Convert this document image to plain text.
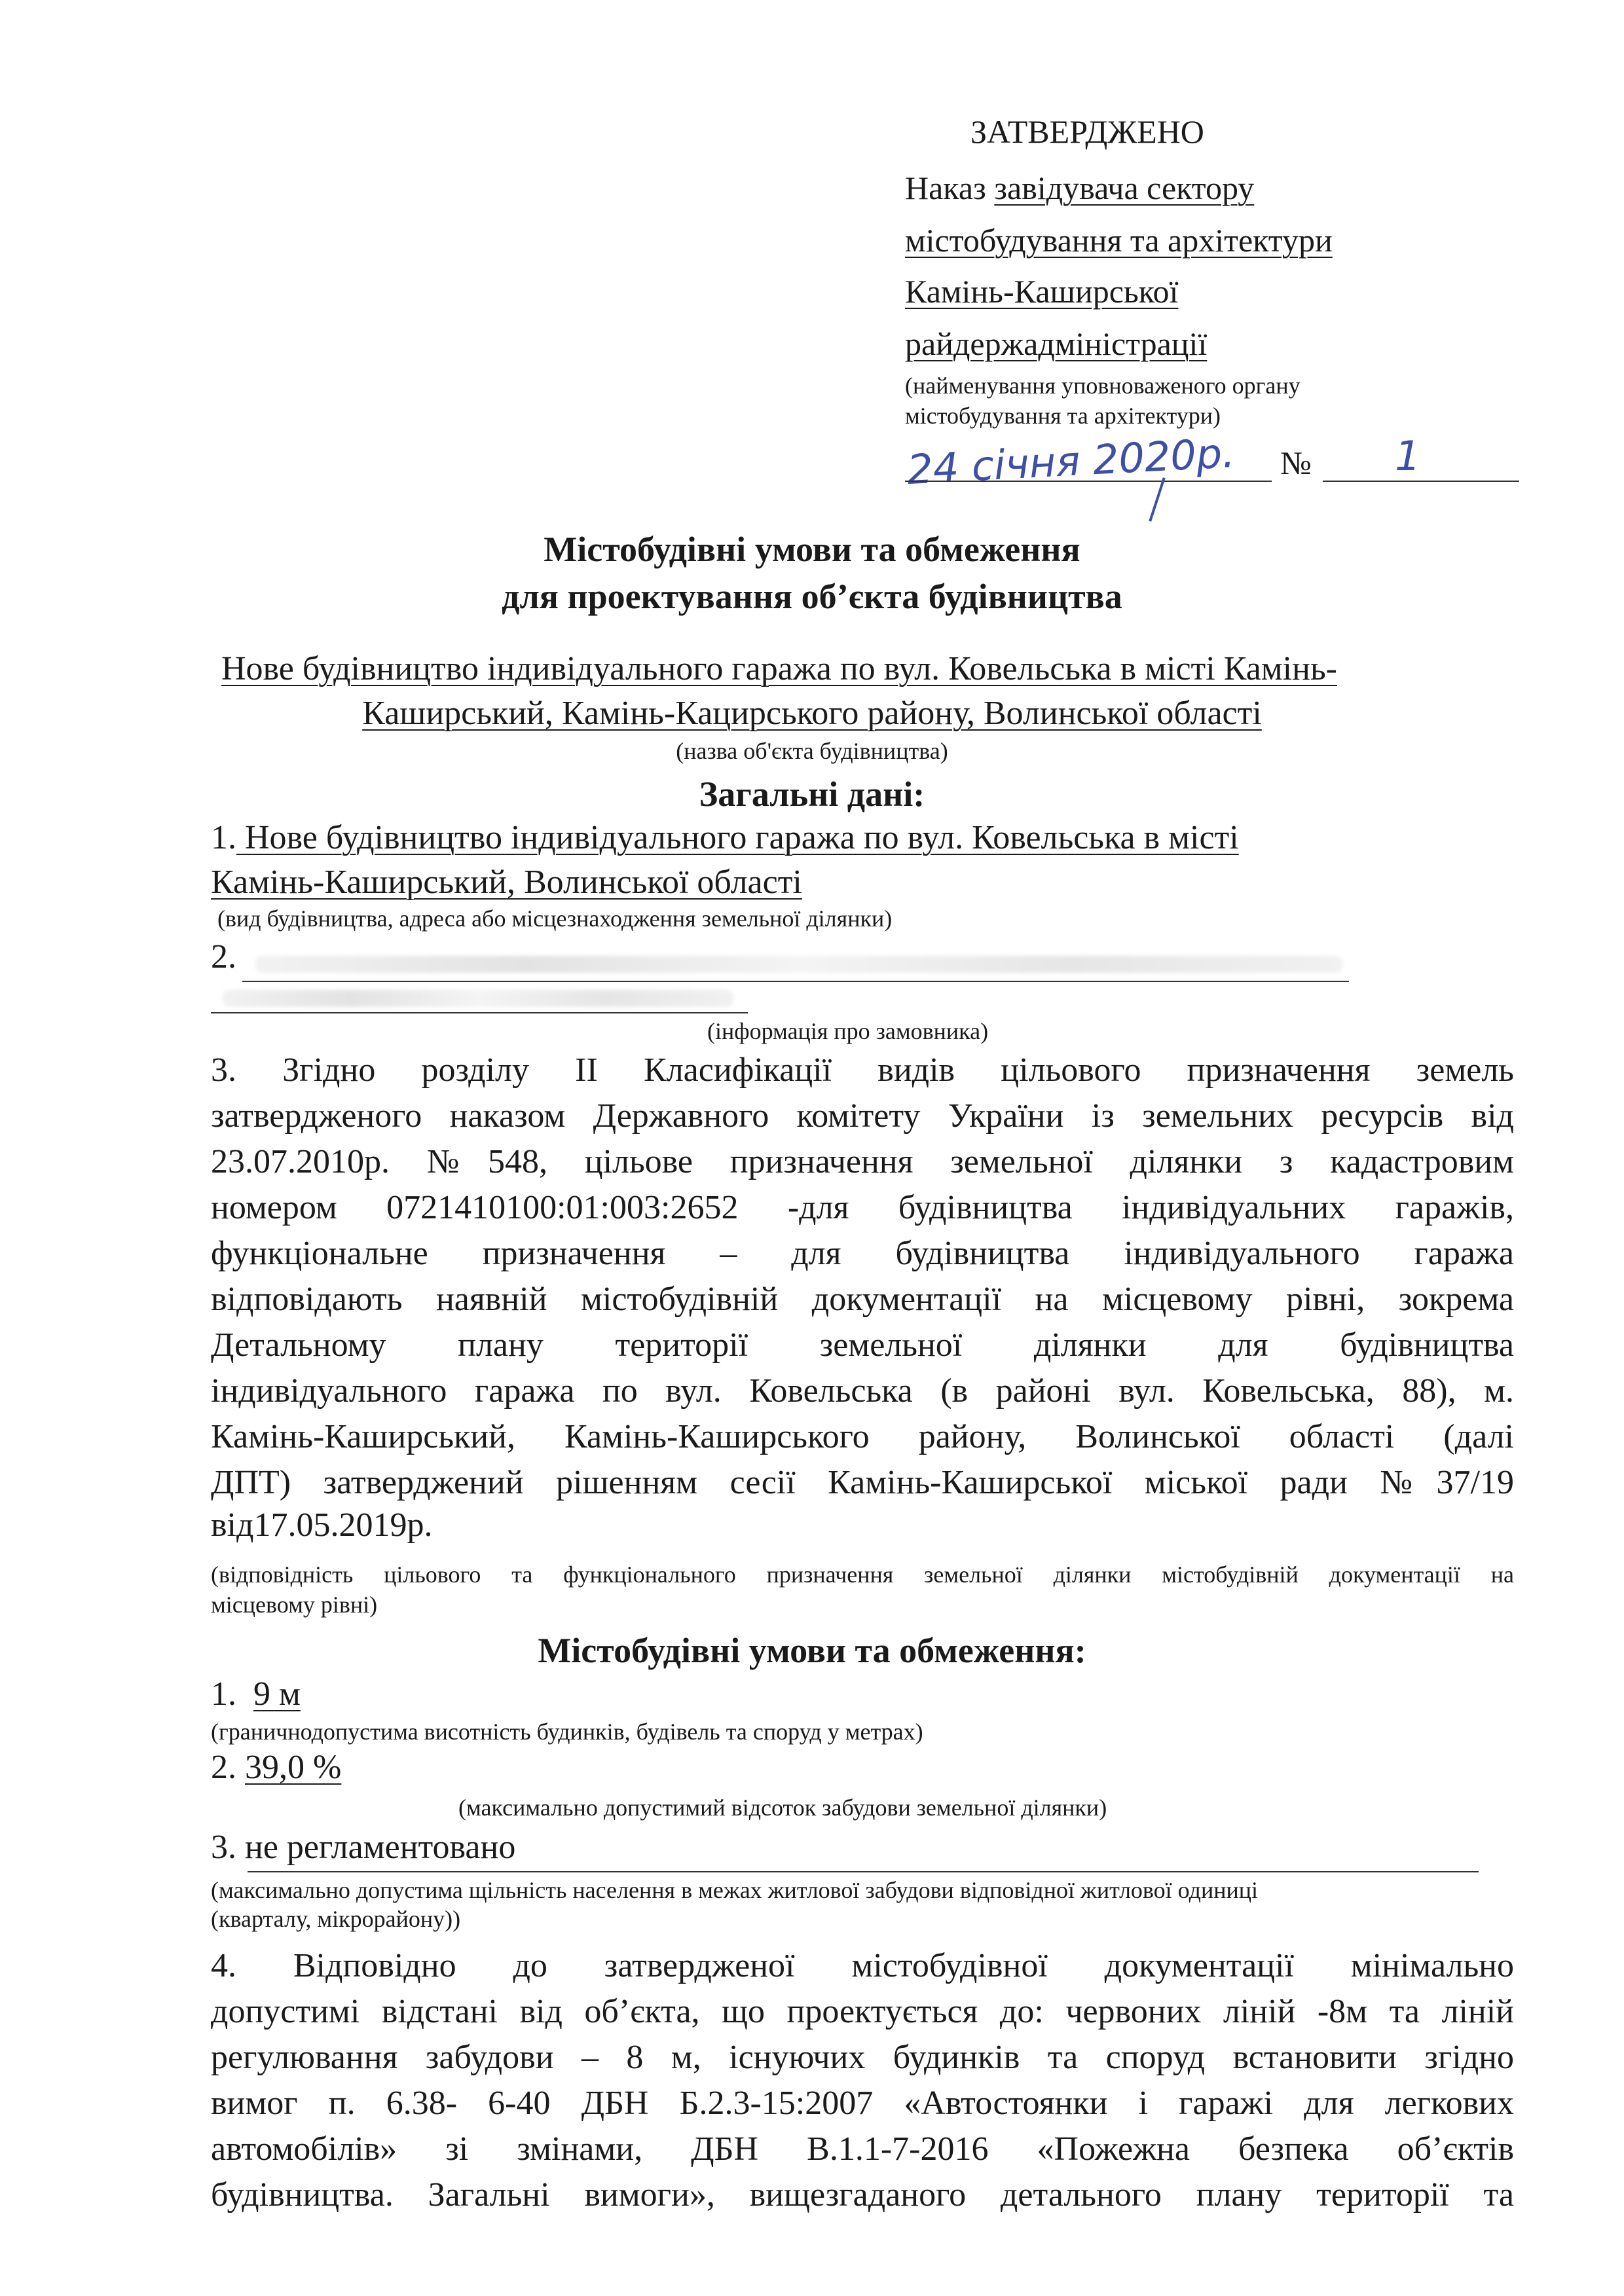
ЗАТВЕРДЖЕНО
Наказ завідувача сектору
містобудування та архітектури
Камінь-Каширської
райдержадміністрації
(найменування уповноваженого органу
містобудування та архітектури)
24 січня 2020р. № 1
Містобудівні умови та обмеження
для проектування об’єкта будівництва
Нове будівництво індивідуального гаража по вул. Ковельська в місті Камінь-
Каширський, Камінь-Кацирського району, Волинської області
(назва об'єкта будівництва)
Загальні дані:
1. Нове будівництво індивідуального гаража по вул. Ковельська в місті
Камінь-Каширський, Волинської області
(вид будівництва, адреса або місцезнаходження земельної ділянки)
2.
(інформація про замовника)
3. Згідно розділу ІІ Класифікації видів цільового призначення земель
затвердженого наказом Державного комітету України із земельних ресурсів від
23.07.2010р. №548, цільове призначення земельної ділянки з кадастровим
номером 0721410100:01:003:2652 -для будівництва індивідуальних гаражів,
функціональне призначення – для будівництва індивідуального гаража
відповідають наявній містобудівній документації на місцевому рівні, зокрема
Детальному плану території земельної ділянки для будівництва
індивідуального гаража по вул. Ковельська (в районі вул. Ковельська, 88), м.
Камінь-Каширський, Камінь-Каширського району, Волинської області (далі
ДПТ) затверджений рішенням сесії Камінь-Каширської міської ради №37/19
від17.05.2019р.
(відповідність цільового та функціонального призначення земельної ділянки містобудівній документації на
місцевому рівні)
Містобудівні умови та обмеження:
1. 9 м
(граничнодопустима висотність будинків, будівель та споруд у метрах)
2. 39,0 %
(максимально допустимий відсоток забудови земельної ділянки)
3. не регламентовано
(максимально допустима щільність населення в межах житлової забудови відповідної житлової одиниці
(кварталу, мікрорайону))
4. Відповідно до затвердженої містобудівної документації мінімально
допустимі відстані від об’єкта, що проектується до: червоних ліній -8м та ліній
регулювання забудови – 8 м, існуючих будинків та споруд встановити згідно
вимог п. 6.38- 6-40 ДБН Б.2.3-15:2007 «Автостоянки і гаражі для легкових
автомобілів» зі змінами, ДБН В.1.1-7-2016 «Пожежна безпека об’єктів
будівництва. Загальні вимоги», вищезгаданого детального плану території та
